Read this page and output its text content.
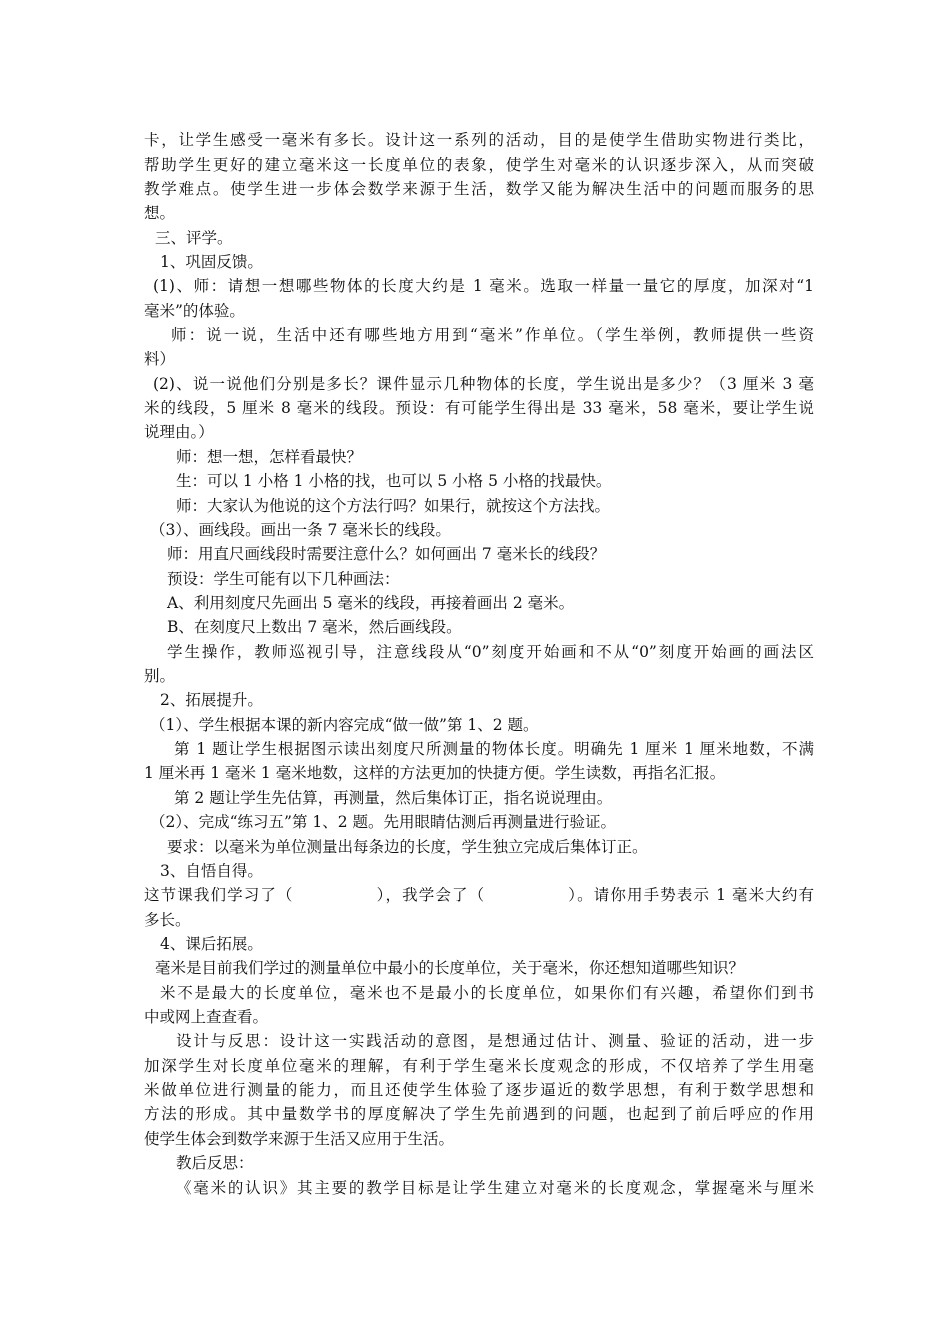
卡，让学生感受一毫米有多长。设计这一系列的活动，目的是使学生借助实物进行类比，
帮助学生更好的建立毫米这一长度单位的表象，使学生对毫米的认识逐步深入，从而突破
教学难点。使学生进一步体会数学来源于生活，数学又能为解决生活中的问题而服务的思
想。
三、评学。
1、巩固反馈。
(1)、师：请想一想哪些物体的长度大约是 1 毫米。选取一样量一量它的厚度，加深对“1
毫米”的体验。
师：说一说，生活中还有哪些地方用到“毫米”作单位。（学生举例，教师提供一些资
料）
(2)、说一说他们分别是多长？课件显示几种物体的长度，学生说出是多少？（3 厘米 3 毫
米的线段，5 厘米 8 毫米的线段。预设：有可能学生得出是 33 毫米，58 毫米，要让学生说
说理由。）
师：想一想，怎样看最快？
生：可以 1 小格 1 小格的找，也可以 5 小格 5 小格的找最快。
师：大家认为他说的这个方法行吗？如果行，就按这个方法找。
（3）、画线段。画出一条 7 毫米长的线段。
师：用直尺画线段时需要注意什么？如何画出 7 毫米长的线段？
预设：学生可能有以下几种画法：
A、利用刻度尺先画出 5 毫米的线段，再接着画出 2 毫米。
B、在刻度尺上数出 7 毫米，然后画线段。
学生操作，教师巡视引导，注意线段从“0”刻度开始画和不从“0”刻度开始画的画法区
别。
2、拓展提升。
（1）、学生根据本课的新内容完成“做一做”第 1、2 题。
第 1 题让学生根据图示读出刻度尺所测量的物体长度。明确先 1 厘米 1 厘米地数，不满
1 厘米再 1 毫米 1 毫米地数，这样的方法更加的快捷方便。学生读数，再指名汇报。
第 2 题让学生先估算，再测量，然后集体订正，指名说说理由。
（2）、完成“练习五”第 1、2 题。先用眼睛估测后再测量进行验证。
要求：以毫米为单位测量出每条边的长度，学生独立完成后集体订正。
3、自悟自得。
这节课我们学习了（　　　　　），我学会了（　　　　　）。请你用手势表示 1 毫米大约有
多长。
4、课后拓展。
毫米是目前我们学过的测量单位中最小的长度单位，关于毫米，你还想知道哪些知识？
米不是最大的长度单位，毫米也不是最小的长度单位，如果你们有兴趣，希望你们到书
中或网上查查看。
设计与反思：设计这一实践活动的意图，是想通过估计、测量、验证的活动，进一步
加深学生对长度单位毫米的理解，有利于学生毫米长度观念的形成，不仅培养了学生用毫
米做单位进行测量的能力，而且还使学生体验了逐步逼近的数学思想，有利于数学思想和
方法的形成。其中量数学书的厚度解决了学生先前遇到的问题，也起到了前后呼应的作用
使学生体会到数学来源于生活又应用于生活。
教后反思：
《毫米的认识》其主要的教学目标是让学生建立对毫米的长度观念，掌握毫米与厘米
